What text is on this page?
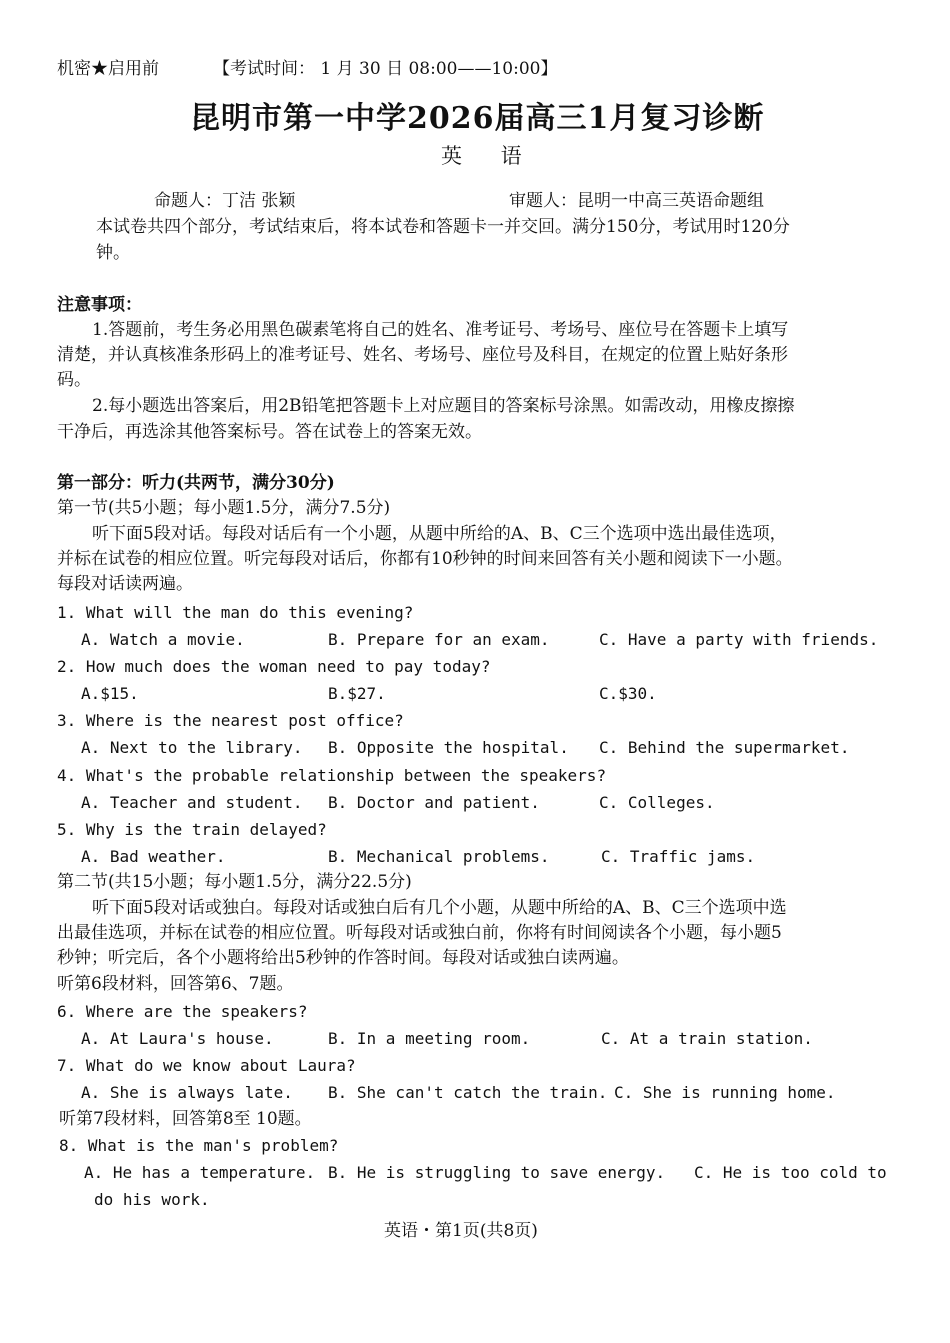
机密★启用前	【考试时间： 1 月 30 日 08:00——10:00】
昆明市第一中学2026届高三1月复习诊断
英 语
命题人：丁洁 张颖	审题人：昆明一中高三英语命题组
本试卷共四个部分，考试结束后，将本试卷和答题卡一并交回。满分150分，考试用时120分
钟。
注意事项：
1.答题前，考生务必用黑色碳素笔将自己的姓名、准考证号、考场号、座位号在答题卡上填写
清楚，并认真核准条形码上的准考证号、姓名、考场号、座位号及科目，在规定的位置上贴好条形
码。
2.每小题选出答案后，用2B铅笔把答题卡上对应题目的答案标号涂黑。如需改动，用橡皮擦擦
干净后，再选涂其他答案标号。答在试卷上的答案无效。
第一部分：听力(共两节，满分30分)
第一节(共5小题；每小题1.5分，满分7.5分)
听下面5段对话。每段对话后有一个小题，从题中所给的A、B、C三个选项中选出最佳选项，
并标在试卷的相应位置。听完每段对话后，你都有10秒钟的时间来回答有关小题和阅读下一小题。
每段对话读两遍。
1. What will the man do this evening?
A. Watch a movie.	B. Prepare for an exam.	C. Have a party with friends.
2. How much does the woman need to pay today?
A.$15.	B.$27.	C.$30.
3. Where is the nearest post office?
A. Next to the library. B. Opposite the hospital. C. Behind the supermarket.
4. What's the probable relationship between the speakers?
A. Teacher and student. B. Doctor and patient.	C. Colleges.
5. Why is the train delayed?
A. Bad weather.	B. Mechanical problems.	C. Traffic jams.
第二节(共15小题；每小题1.5分，满分22.5分)
听下面5段对话或独白。每段对话或独白后有几个小题，从题中所给的A、B、C三个选项中选
出最佳选项，并标在试卷的相应位置。听每段对话或独白前，你将有时间阅读各个小题，每小题5
秒钟；听完后，各个小题将给出5秒钟的作答时间。每段对话或独白读两遍。
听第6段材料，回答第6、7题。
6. Where are the speakers?
A. At Laura's house.	B. In a meeting room.	C. At a train station.
7. What do we know about Laura?
A. She is always late. B. She can't catch the train. C. She is running home.
听第7段材料，回答第8至 10题。
8. What is the man's problem?
A. He has a temperature. B. He is struggling to save energy. C. He is too cold to
do his work.
英语・第1页(共8页)
